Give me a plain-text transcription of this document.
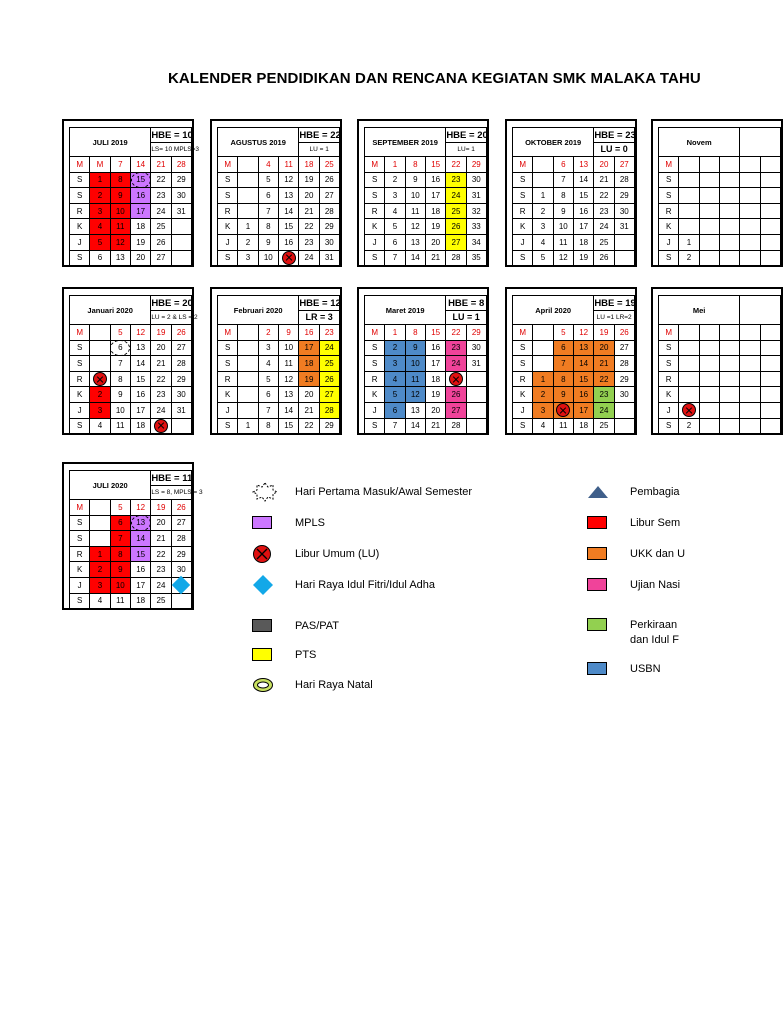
KALENDER PENDIDIKAN DAN RENCANA KEGIATAN SMK MALAKA TAHU
JULI 2019				HBE = 10
LS= 10 MPLS=3	

M	M	7	14	21	28
S	1	8	15	22	29
S	2	9	16	23	30
R	3	10	17	24	31
K	4	11	18	25	
J	5	12	19	26	
S	6	13	20	27	
AGUSTUS 2019				HBE = 22
LU = 1	

M		4	11	18	25
S		5	12	19	26
S		6	13	20	27
R		7	14	21	28
K	1	8	15	22	29
J	2	9	16	23	30
S	3	10		24	31
SEPTEMBER 2019				HBE = 20
LU= 1	

M	1	8	15	22	29
S	2	9	16	23	30
S	3	10	17	24	31
R	4	11	18	25	32
K	5	12	19	26	33
J	6	13	20	27	34
S	7	14	21	28	35
OKTOBER 2019				HBE = 23
LU = 0	

M		6	13	20	27
S		7	14	21	28
S	1	8	15	22	29
R	2	9	16	23	30
K	3	10	17	24	31
J	4	11	18	25	
S	5	12	19	26	
Novem					
M					
S					
S					
R					
K					
J	1				
S	2				
Januari 2020				HBE = 20
LU = 2 & LS = 2	

M		5	12	19	26
S		6	13	20	27
S		7	14	21	28
R		8	15	22	29
K	2	9	16	23	30
J	3	10	17	24	31
S	4	11	18	

Februari 2020				HBE = 12
LR = 3	

M		2	9	16	23
S		3	10	17	24
S		4	11	18	25
R		5	12	19	26
K		6	13	20	27
J		7	14	21	28
S	1	8	15	22	29
Maret 2019				HBE = 8
LU = 1	

M	1	8	15	22	29
S	2	9	16	23	30
S	3	10	17	24	31
R	4	11	18	

K	5	12	19	26	
J	6	13	20	27	
S	7	14	21	28	
April 2020				HBE = 19
LU =1 LR=2	

M		5	12	19	26
S		6	13	20	27
S		7	14	21	28
R	1	8	15	22	29
K	2	9	16	23	30
J	3		17	24	
S	4	11	18	25	
Mei					
M					
S					
S					
R					
K					
J	

S	2				
JULI 2020				HBE = 11
LS = 8, MPLS = 3	

M		5	12	19	26
S		6	13	20	27
S		7	14	21	28
R	1	8	15	22	29
K	2	9	16	23	30
J	3	10	17	24	

S	4	11	18	25	
Hari Pertama Masuk/Awal Semester
MPLS
Libur Umum (LU)
Hari Raya Idul Fitri/Idul Adha
PAS/PAT
PTS
Hari Raya Natal
Pembagia
Libur Sem
UKK dan U
Ujian Nasi
Perkiraan
dan Idul F
USBN
